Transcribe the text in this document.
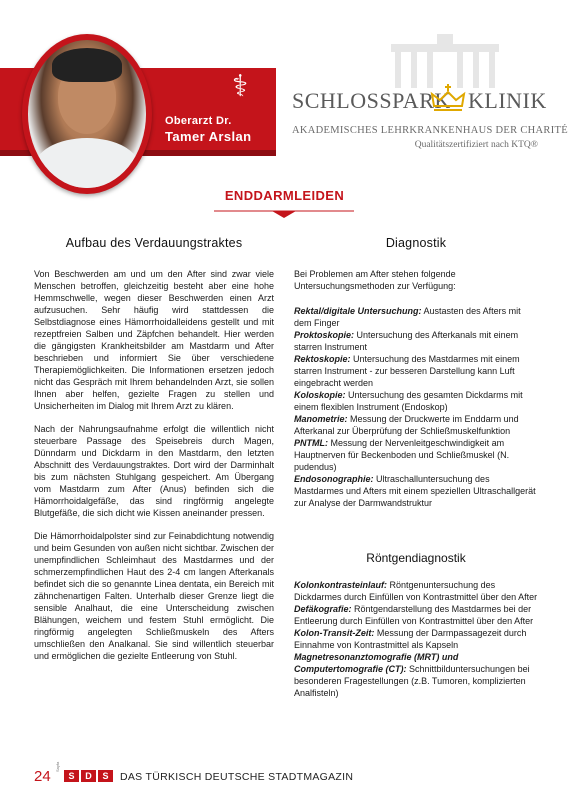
⚕
Oberarzt Dr.
Tamer Arslan
SCHLOSSPARK KLINIK
AKADEMISCHES LEHRKRANKENHAUS DER CHARITÉ
Qualitätszertifiziert nach KTQ®
ENDDARMLEIDEN
Aufbau des Verdauungstraktes

Von Beschwerden am und um den After sind zwar viele Menschen betroffen, gleichzeitig besteht aber eine hohe Hemmschwelle, wegen dieser Beschwerden einen Arzt aufzusuchen. Sehr häufig wird stattdessen die Selbstdiagnose eines Hämorrhoidalleidens gestellt und mit rezeptfreien Salben und Zäpfchen behandelt. Hier werden die gängigsten Krankheitsbilder am Mastdarm und After beschrieben und informiert Sie über verschiedene Therapiemöglichkeiten. Die Informationen ersetzen jedoch nicht das Gespräch mit Ihrem behandelnden Arzt, sie sollen Ihnen aber helfen, gezielte Fragen zu stellen und Unsicherheiten im Dialog mit Ihrem Arzt zu klären.

Nach der Nahrungsaufnahme erfolgt die willentlich nicht steuerbare Passage des Speisebreis durch Magen, Dünndarm und Dickdarm in den Mastdarm, den letzten Abschnitt des Verdauungstraktes. Dort wird der Darminhalt bis zum nächsten Stuhlgang gespeichert. Am Übergang vom Mastdarm zum After (Anus) befinden sich die Hämorrhoidalgefäße, das sind ringförmig angelegte Blutgefäße, die sich dicht wie Kissen aneinander pressen.

Die Hämorrhoidalpolster sind zur Feinabdichtung notwendig und beim Gesunden von außen nicht sichtbar. Zwischen der unempfindlichen Schleimhaut des Mastdarmes und der schmerzempfindlichen Haut des 2-4 cm langen Afterkanals befindet sich die so genannte Linea dentata, ein Bereich mit zähnchenartigen Falten. Unterhalb dieser Grenze liegt die sensible Analhaut, die eine Unterscheidung zwischen Blähungen, weichem und festem Stuhl ermöglicht. Die ringförmig angelegten Schließmuskeln des Afters umschließen den Analkanal. Sie sind willentlich steuerbar und ermöglichen die gezielte Entleerung von Stuhl.

Diagnostik

Bei Problemen am After stehen folgende Untersuchungsmethoden zur Verfügung:

Rektal/digitale Untersuchung: Austasten des Afters mit dem Finger
Proktoskopie: Untersuchung des Afterkanals mit einem starren Instrument
Rektoskopie: Untersuchung des Mastdarmes mit einem starren Instrument - zur besseren Darstellung kann Luft eingebracht werden
Koloskopie: Untersuchung des gesamten Dickdarms mit einem flexiblen Instrument (Endoskop)
Manometrie: Messung der Druckwerte im Enddarm und Afterkanal zur Überprüfung der Schließmuskelfunktion
PNTML: Messung der Nervenleitgeschwindigkeit am Hauptnerven für Beckenboden und Schließmuskel (N. pudendus)
Endosonographie: Ultraschalluntersuchung des Mastdarmes und Afters mit einem speziellen Ultraschallgerät zur Analyse der Darmwandstruktur
Röntgendiagnostik
Kolonkontrasteinlauf: Röntgenuntersuchung des Dickdarmes durch Einfüllen von Kontrastmittel über den After
Defäkografie: Röntgendarstellung des Mastdarmes bei der Entleerung durch Einfüllen von Kontrastmittel über den After
Kolon-Transit-Zeit: Messung der Darmpassagezeit durch Einnahme von Kontrastmittel als Kapseln
Magnetresonanztomografie (MRT) und Computertomografie (CT): Schnittbilduntersuchungen bei besonderen Fragestellungen (z.B. Tumoren, komplizierten Analfisteln)
24
Sayfa
S	D	S	DAS TÜRKISCH DEUTSCHE STADTMAGAZIN
